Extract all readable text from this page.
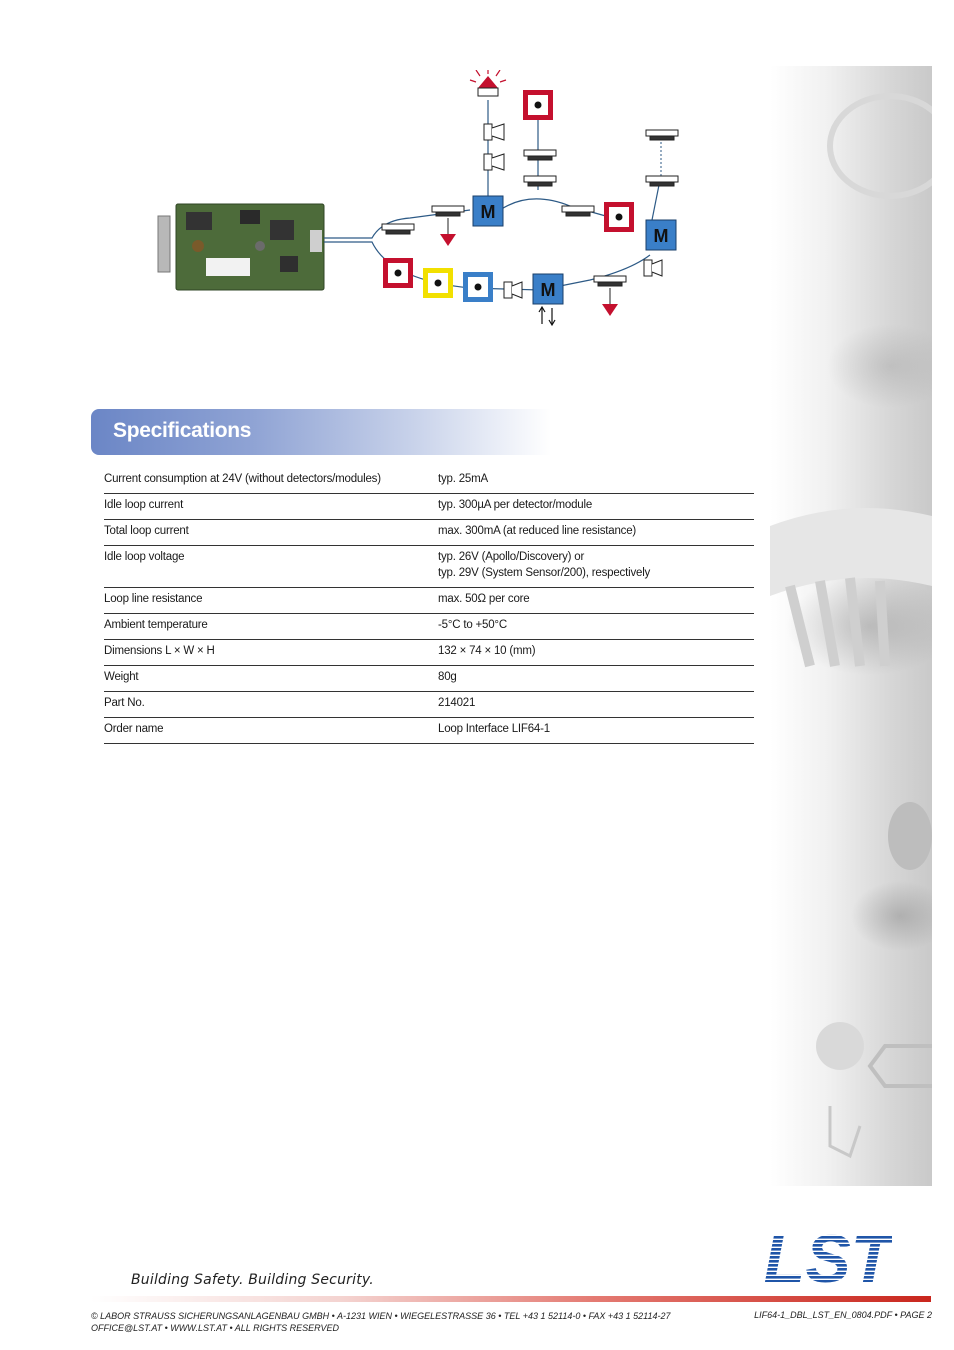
M
M
M
Specifications
Current consumption at 24V (without detectors/modules)	typ. 25mA

Idle loop current	typ. 300µA per detector/module

Total loop current	max. 300mA (at reduced line resistance)

Idle loop voltage	typ. 26V (Apollo/Discovery) or
typ. 29V (System Sensor/200), respectively

Loop line resistance	max. 50Ω per core

Ambient temperature	-5°C to +50°C

Dimensions L × W × H	132 × 74 × 10 (mm)

Weight	80g

Part No.	214021

Order name	Loop Interface LIF64-1
Building Safety. Building Security.
© LABOR STRAUSS SICHERUNGSANLAGENBAU GMBH • A-1231 WIEN • WIEGELESTRASSE 36 • TEL +43 1 52114-0 • FAX +43 1 52114-27
OFFICE@LST.AT • WWW.LST.AT • ALL RIGHTS RESERVED
LIF64-1_DBL_LST_EN_0804.PDF • PAGE 2
LST
